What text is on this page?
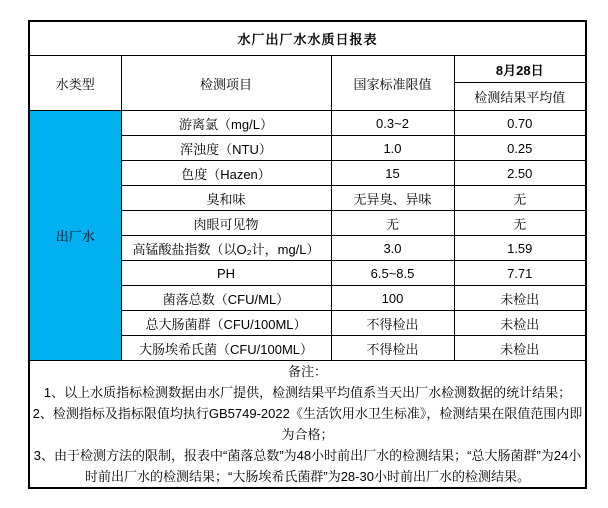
水厂出厂水水质日报表			
水类型	检测项目	国家标准限值	8月28日
			检测结果平均值
出厂水	游离氯（mg/L）	0.3~2	0.70
	浑浊度（NTU）	1.0	0.25
	色度（Hazen）	15	2.50
	臭和味	无异臭、异味	无
	肉眼可见物	无	无
	高锰酸盐指数（以O₂计，mg/L）	3.0	1.59
	PH	6.5~8.5	7.71
	菌落总数（CFU/ML）	100	未检出
	总大肠菌群（CFU/100ML）	不得检出	未检出
	大肠埃希氏菌（CFU/100ML）	不得检出	未检出

备注：
1、以上水质指标检测数据由水厂提供，检测结果平均值系当天出厂水检测数据的统计结果；
2、检测指标及指标限值均执行GB5749-2022《生活饮用水卫生标准》，检测结果在限值范围内即为合格；
3、由于检测方法的限制，报表中“菌落总数”为48小时前出厂水的检测结果；“总大肠菌群”为24小时前出厂水的检测结果；“大肠埃希氏菌群”为28-30小时前出厂水的检测结果。			
